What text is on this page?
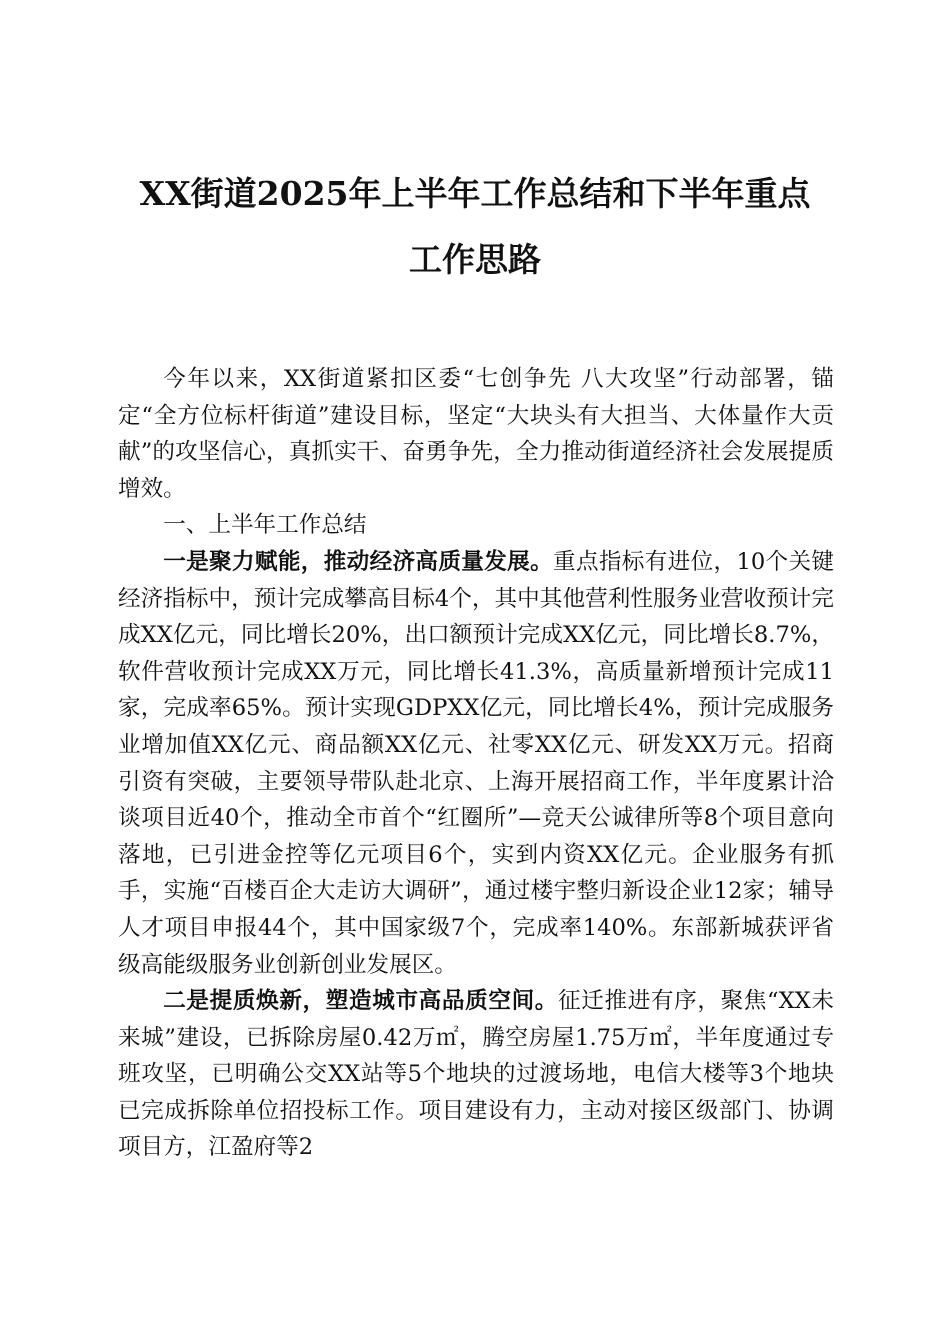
XX街道2025年上半年工作总结和下半年重点
工作思路

今年以来，XX街道紧扣区委“七创争先 八大攻坚”行动部署，锚定“全方位标杆街道”建设目标，坚定“大块头有大担当、大体量作大贡献”的攻坚信心，真抓实干、奋勇争先，全力推动街道经济社会发展提质增效。

一、上半年工作总结

一是聚力赋能，推动经济高质量发展。重点指标有进位，10个关键经济指标中，预计完成攀高目标4个，其中其他营利性服务业营收预计完成XX亿元，同比增长20%，出口额预计完成XX亿元，同比增长8.7%，软件营收预计完成XX万元，同比增长41.3%，高质量新增预计完成11家，完成率65%。预计实现GDPXX亿元，同比增长4%，预计完成服务业增加值XX亿元、商品额XX亿元、社零XX亿元、研发XX万元。招商引资有突破，主要领导带队赴北京、上海开展招商工作，半年度累计洽谈项目近40个，推动全市首个“红圈所”—竞天公诚律所等8个项目意向落地，已引进金控等亿元项目6个，实到内资XX亿元。企业服务有抓手，实施“百楼百企大走访大调研”，通过楼宇整归新设企业12家；辅导人才项目申报44个，其中国家级7个，完成率140%。东部新城获评省级高能级服务业创新创业发展区。

二是提质焕新，塑造城市高品质空间。征迁推进有序，聚焦“XX未来城”建设，已拆除房屋0.42万㎡，腾空房屋1.75万㎡，半年度通过专班攻坚，已明确公交XX站等5个地块的过渡场地，电信大楼等3个地块已完成拆除单位招投标工作。项目建设有力，主动对接区级部门、协调项目方，江盈府等2
